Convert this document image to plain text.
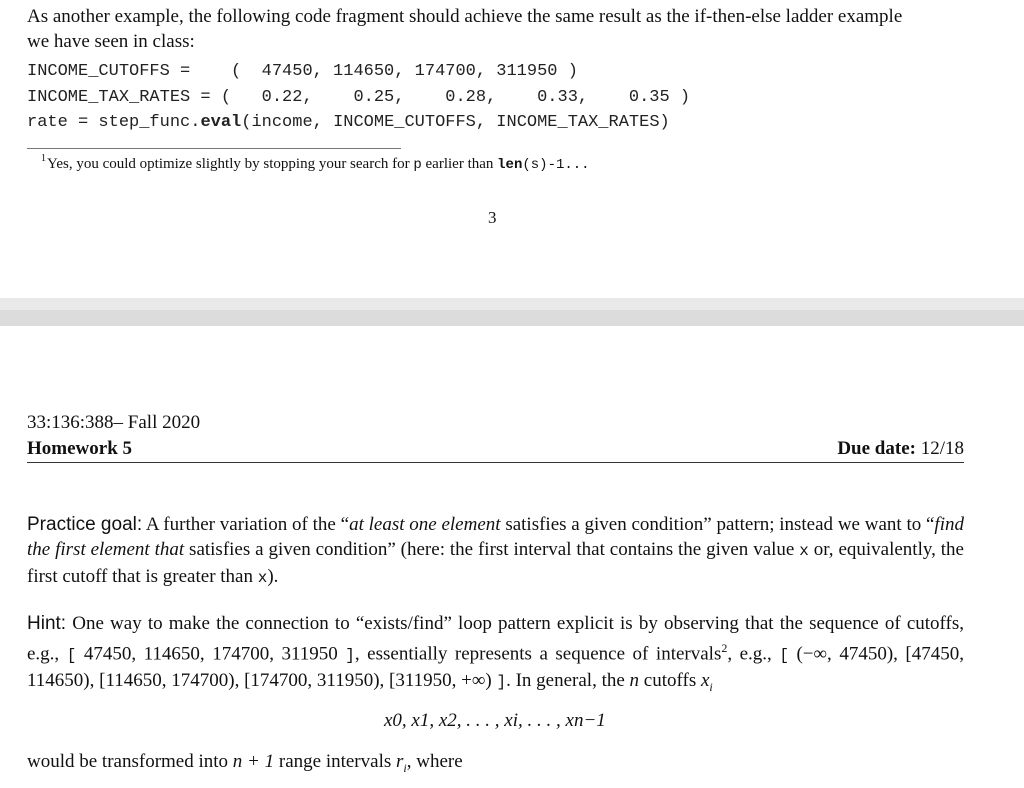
As another example, the following code fragment should achieve the same result as the if-then-else ladder example
we have seen in class:
INCOME_CUTOFFS =    (  47450, 114650, 174700, 311950 )
INCOME_TAX_RATES = (   0.22,    0.25,    0.28,    0.33,    0.35 )
rate = step_func.eval(income, INCOME_CUTOFFS, INCOME_TAX_RATES)
$^1$Yes, you could optimize slightly by stopping your search for p earlier than len(s)-1...
3
33:136:388– Fall 2020
Homework 5	Due date: 12/18
Practice goal: A further variation of the “at least one element satisfies a given condition” pattern; instead we want to “find the first element that satisfies a given condition” (here: the first interval that contains the given value x or, equivalently, the first cutoff that is greater than x).
Hint: One way to make the connection to “exists/find” loop pattern explicit is by observing that the sequence of cutoffs, e.g., [ 47450, 114650, 174700, 311950 ], essentially represents a sequence of intervals$^2$, e.g., [ (−∞, 47450), [47450, 114650), [114650, 174700), [174700, 311950), [311950, +∞) ]. In general, the n cutoffs $x_i$
x0, x1, x2, . . . , xi, . . . , xn−1
would be transformed into n + 1 range intervals $r_i$, where
